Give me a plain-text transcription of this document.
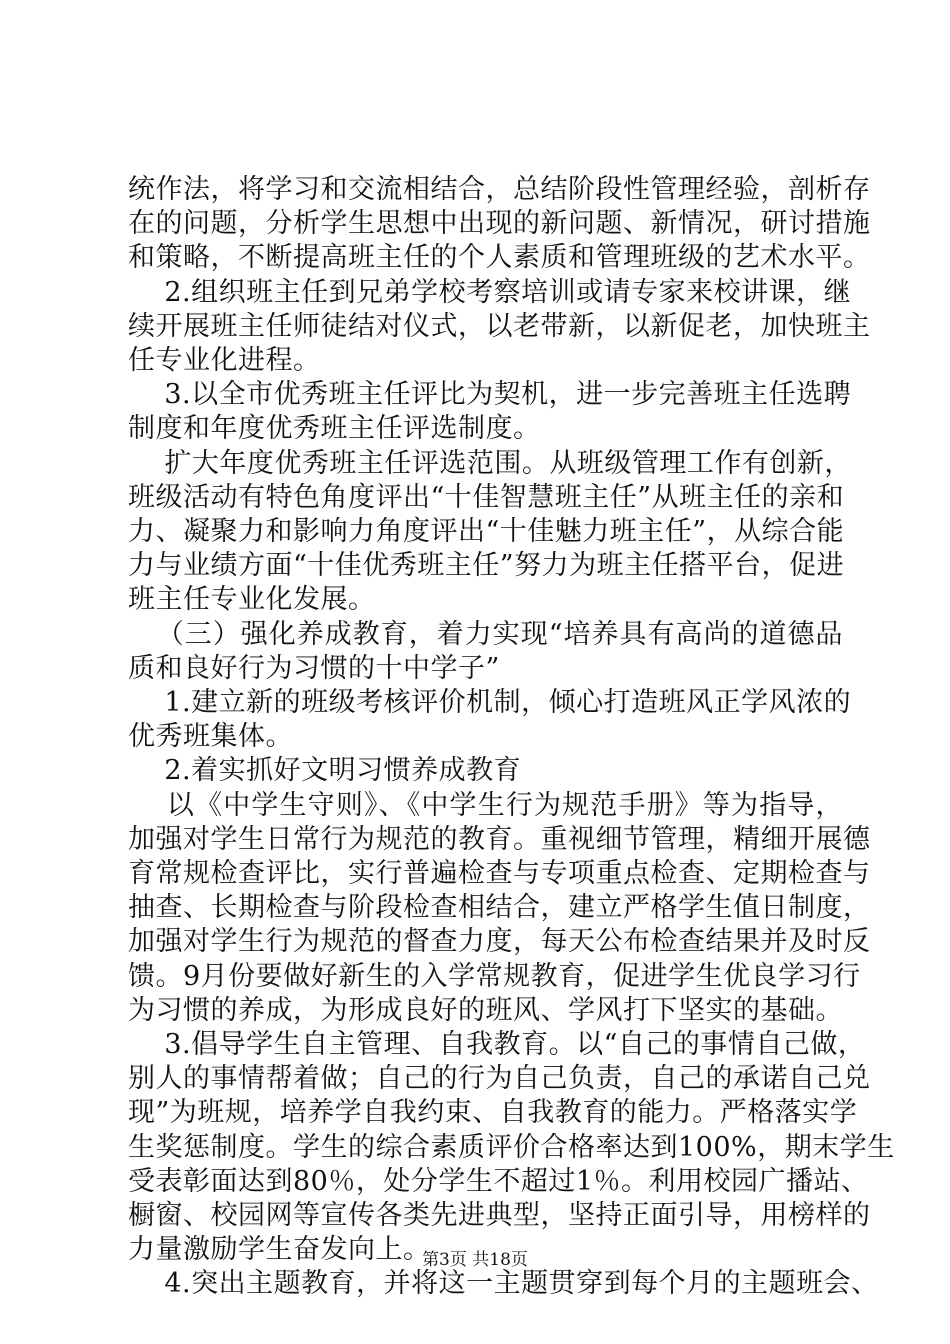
统作法，将学习和交流相结合，总结阶段性管理经验，剖析存
在的问题，分析学生思想中出现的新问题、新情况，研讨措施
和策略，不断提高班主任的个人素质和管理班级的艺术水平。
2.组织班主任到兄弟学校考察培训或请专家来校讲课，继
续开展班主任师徒结对仪式，以老带新，以新促老，加快班主
任专业化进程。
3.以全市优秀班主任评比为契机，进一步完善班主任选聘
制度和年度优秀班主任评选制度。
扩大年度优秀班主任评选范围。从班级管理工作有创新，
班级活动有特色角度评出“十佳智慧班主任”从班主任的亲和
力、凝聚力和影响力角度评出“十佳魅力班主任”，从综合能
力与业绩方面“十佳优秀班主任”努力为班主任搭平台，促进
班主任专业化发展。
（三）强化养成教育，着力实现“培养具有高尚的道德品
质和良好行为习惯的十中学子”
1.建立新的班级考核评价机制，倾心打造班风正学风浓的
优秀班集体。
2.着实抓好文明习惯养成教育
以《中学生守则》、《中学生行为规范手册》等为指导，
加强对学生日常行为规范的教育。重视细节管理，精细开展德
育常规检查评比，实行普遍检查与专项重点检查、定期检查与
抽查、长期检查与阶段检查相结合，建立严格学生值日制度，
加强对学生行为规范的督查力度，每天公布检查结果并及时反
馈。9月份要做好新生的入学常规教育，促进学生优良学习行
为习惯的养成，为形成良好的班风、学风打下坚实的基础。
3.倡导学生自主管理、自我教育。以“自己的事情自己做，
别人的事情帮着做；自己的行为自己负责，自己的承诺自己兑
现”为班规，培养学自我约束、自我教育的能力。严格落实学
生奖惩制度。学生的综合素质评价合格率达到100%，期末学生
受表彰面达到80％，处分学生不超过1％。利用校园广播站、
橱窗、校园网等宣传各类先进典型，坚持正面引导，用榜样的
力量激励学生奋发向上。
4.突出主题教育，并将这一主题贯穿到每个月的主题班会、
第3页 共18页
